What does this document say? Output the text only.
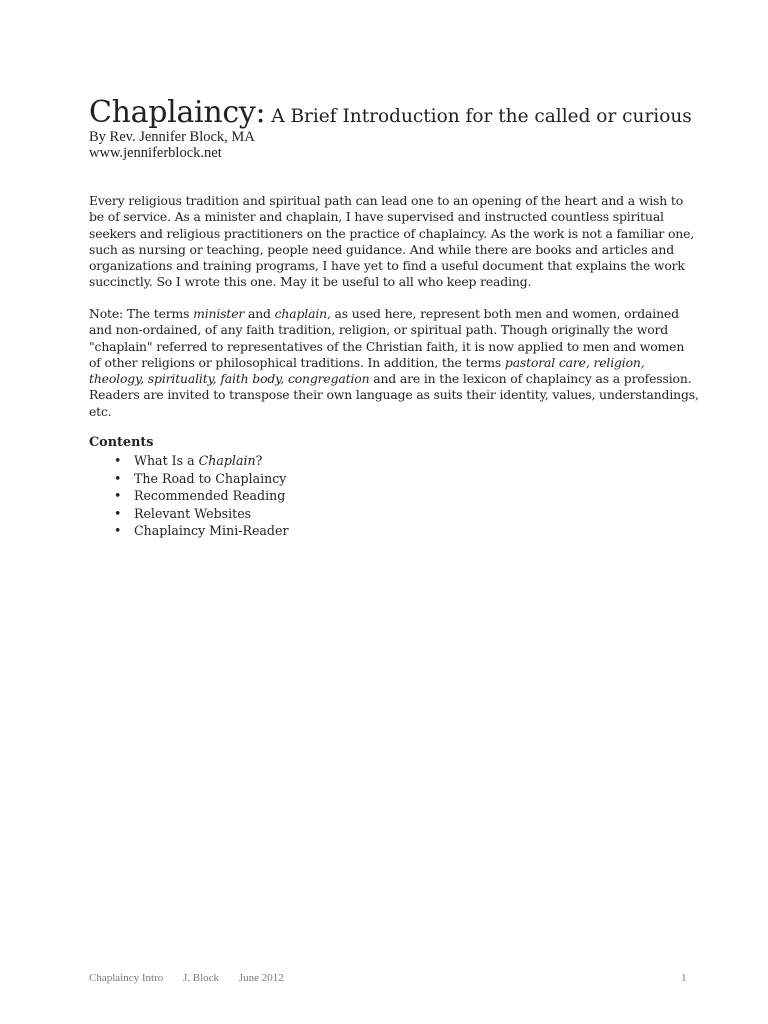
Chaplaincy: A Brief Introduction for the called or curious
By Rev. Jennifer Block, MA
www.jenniferblock.net

Every religious tradition and spiritual path can lead one to an opening of the heart and a wish to be of service. As a minister and chaplain, I have supervised and instructed countless spiritual seekers and religious practitioners on the practice of chaplaincy. As the work is not a familiar one, such as nursing or teaching, people need guidance. And while there are books and articles and organizations and training programs, I have yet to find a useful document that explains the work succinctly. So I wrote this one. May it be useful to all who keep reading.

Note: The terms minister and chaplain, as used here, represent both men and women, ordained and non-ordained, of any faith tradition, religion, or spiritual path. Though originally the word "chaplain" referred to representatives of the Christian faith, it is now applied to men and women of other religions or philosophical traditions. In addition, the terms pastoral care, religion, theology, spirituality, faith body, congregation and are in the lexicon of chaplaincy as a profession. Readers are invited to transpose their own language as suits their identity, values, understandings, etc.

Contents
• What Is a Chaplain?
• The Road to Chaplaincy
• Recommended Reading
• Relevant Websites
• Chaplaincy Mini-Reader
Chaplaincy Intro J. Block June 2012	1
